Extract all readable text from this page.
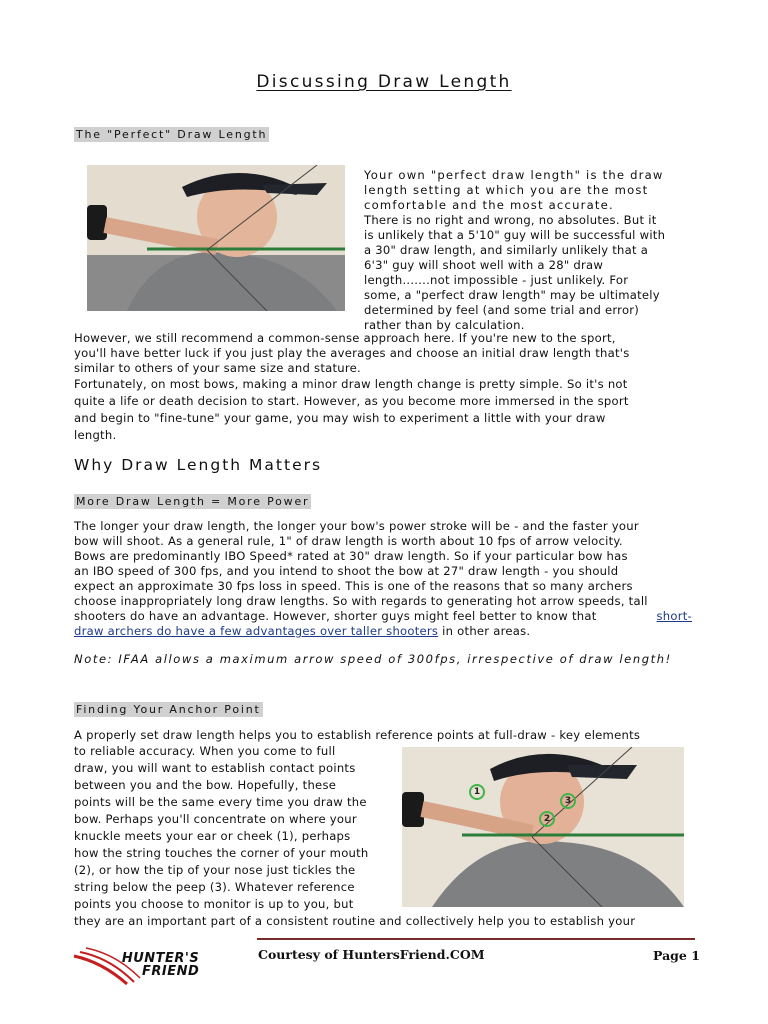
Discussing Draw Length
The "Perfect" Draw Length
Your own "perfect draw length" is the draw
length setting at which you are the most
comfortable and the most accurate.
There is no right and wrong, no absolutes. But it
is unlikely that a 5'10" guy will be successful with
a 30" draw length, and similarly unlikely that a
6'3" guy will shoot well with a 28" draw
length.......not impossible - just unlikely. For
some, a "perfect draw length" may be ultimately
determined by feel (and some trial and error)
rather than by calculation.
However, we still recommend a common-sense approach here. If you're new to the sport,
you'll have better luck if you just play the averages and choose an initial draw length that's
similar to others of your same size and stature.
Fortunately, on most bows, making a minor draw length change is pretty simple. So it's not
quite a life or death decision to start. However, as you become more immersed in the sport
and begin to "fine-tune" your game, you may wish to experiment a little with your draw
length.
Why Draw Length Matters
More Draw Length = More Power
The longer your draw length, the longer your bow's power stroke will be - and the faster your
bow will shoot. As a general rule, 1" of draw length is worth about 10 fps of arrow velocity.
Bows are predominantly IBO Speed* rated at 30" draw length. So if your particular bow has
an IBO speed of 300 fps, and you intend to shoot the bow at 27" draw length - you should
expect an approximate 30 fps loss in speed. This is one of the reasons that so many archers
choose inappropriately long draw lengths. So with regards to generating hot arrow speeds, tall
shooters do have an advantage. However, shorter guys might feel better to know that	short-
draw archers do have a few advantages over taller shooters in other areas.
Note: IFAA allows a maximum arrow speed of 300fps, irrespective of draw length!
Finding Your Anchor Point
A properly set draw length helps you to establish reference points at full-draw - key elements
to reliable accuracy. When you come to full
draw, you will want to establish contact points
between you and the bow. Hopefully, these
points will be the same every time you draw the
bow. Perhaps you'll concentrate on where your
knuckle meets your ear or cheek (1), perhaps
how the string touches the corner of your mouth
(2), or how the tip of your nose just tickles the
string below the peep (3). Whatever reference
points you choose to monitor is up to you, but
1
2
3
they are an important part of a consistent routine and collectively help you to establish your
HUNTER'S
FRIEND
Courtesy of HuntersFriend.COM	Page 1
